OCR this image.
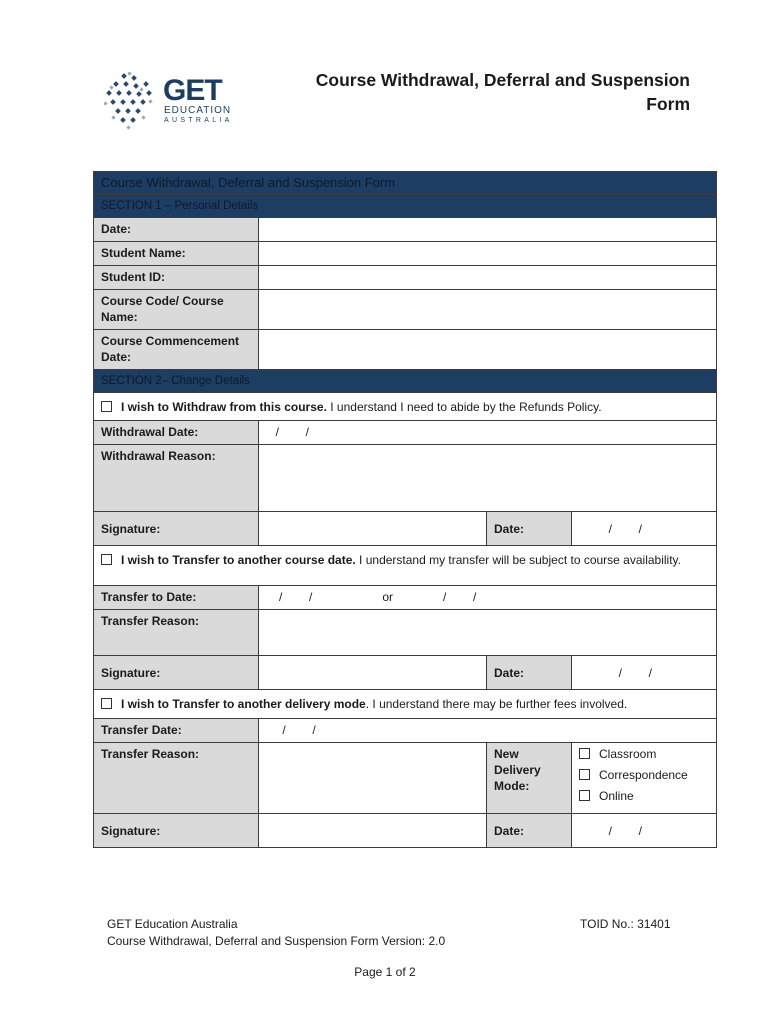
GET
EDUCATION
AUSTRALIA
Course Withdrawal, Deferral and Suspension
Form
Course Withdrawal, Deferral and Suspension Form			
SECTION 1 – Personal Details			
Date:			
Student Name:			
Student ID:			
Course Code/ Course Name:			
Course Commencement Date:			
SECTION 2– Change Details			
I wish to Withdraw from this course. I understand I need to abide by the Refunds Policy.			
Withdrawal Date:	/        /		
Withdrawal Reason:			
Signature:		Date:	/        /
I wish to Transfer to another course date. I understand my transfer will be subject to course availability.			
Transfer to Date:	/        /                     or               /        /		
Transfer Reason:			
Signature:		Date:	/        /
I wish to Transfer to another delivery mode. I understand there may be further fees involved.			
Transfer Date:	/        /		
Transfer Reason:		New Delivery Mode:	Classroom
Correspondence
Online

Signature:		Date:	/        /
GET Education Australia
Course Withdrawal, Deferral and Suspension Form Version: 2.0
TOID No.: 31401
Page 1 of 2
